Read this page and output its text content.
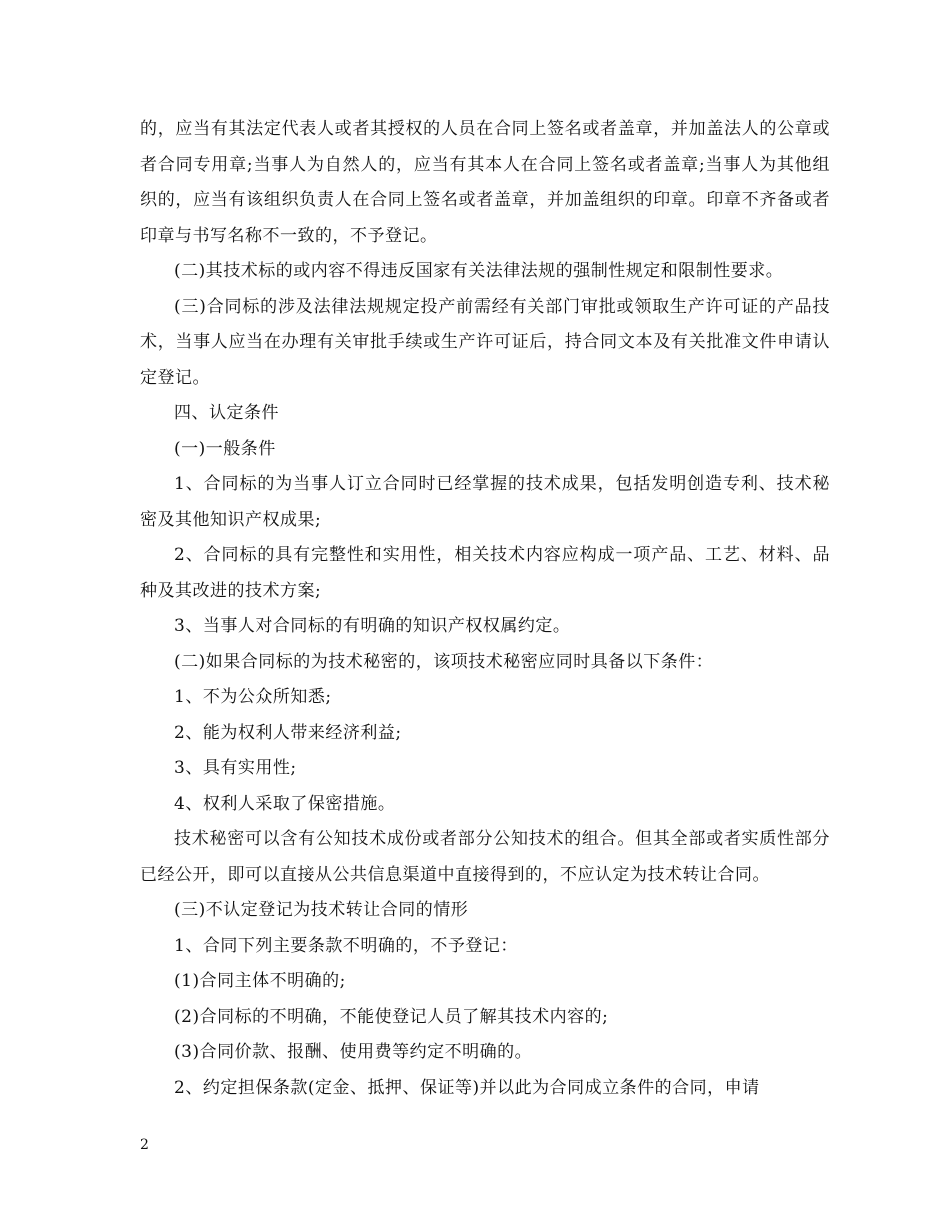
的，应当有其法定代表人或者其授权的人员在合同上签名或者盖章，并加盖法人的公章或者合同专用章;当事人为自然人的，应当有其本人在合同上签名或者盖章;当事人为其他组织的，应当有该组织负责人在合同上签名或者盖章，并加盖组织的印章。印章不齐备或者印章与书写名称不一致的，不予登记。

(二)其技术标的或内容不得违反国家有关法律法规的强制性规定和限制性要求。

(三)合同标的涉及法律法规规定投产前需经有关部门审批或领取生产许可证的产品技术，当事人应当在办理有关审批手续或生产许可证后，持合同文本及有关批准文件申请认定登记。

四、认定条件

(一)一般条件

1、合同标的为当事人订立合同时已经掌握的技术成果，包括发明创造专利、技术秘密及其他知识产权成果;

2、合同标的具有完整性和实用性，相关技术内容应构成一项产品、工艺、材料、品种及其改进的技术方案;

3、当事人对合同标的有明确的知识产权权属约定。

(二)如果合同标的为技术秘密的，该项技术秘密应同时具备以下条件：

1、不为公众所知悉;

2、能为权利人带来经济利益;

3、具有实用性;

4、权利人采取了保密措施。

技术秘密可以含有公知技术成份或者部分公知技术的组合。但其全部或者实质性部分已经公开，即可以直接从公共信息渠道中直接得到的，不应认定为技术转让合同。

(三)不认定登记为技术转让合同的情形

1、合同下列主要条款不明确的，不予登记：

(1)合同主体不明确的;

(2)合同标的不明确，不能使登记人员了解其技术内容的;

(3)合同价款、报酬、使用费等约定不明确的。

2、约定担保条款(定金、抵押、保证等)并以此为合同成立条件的合同，申请

2
